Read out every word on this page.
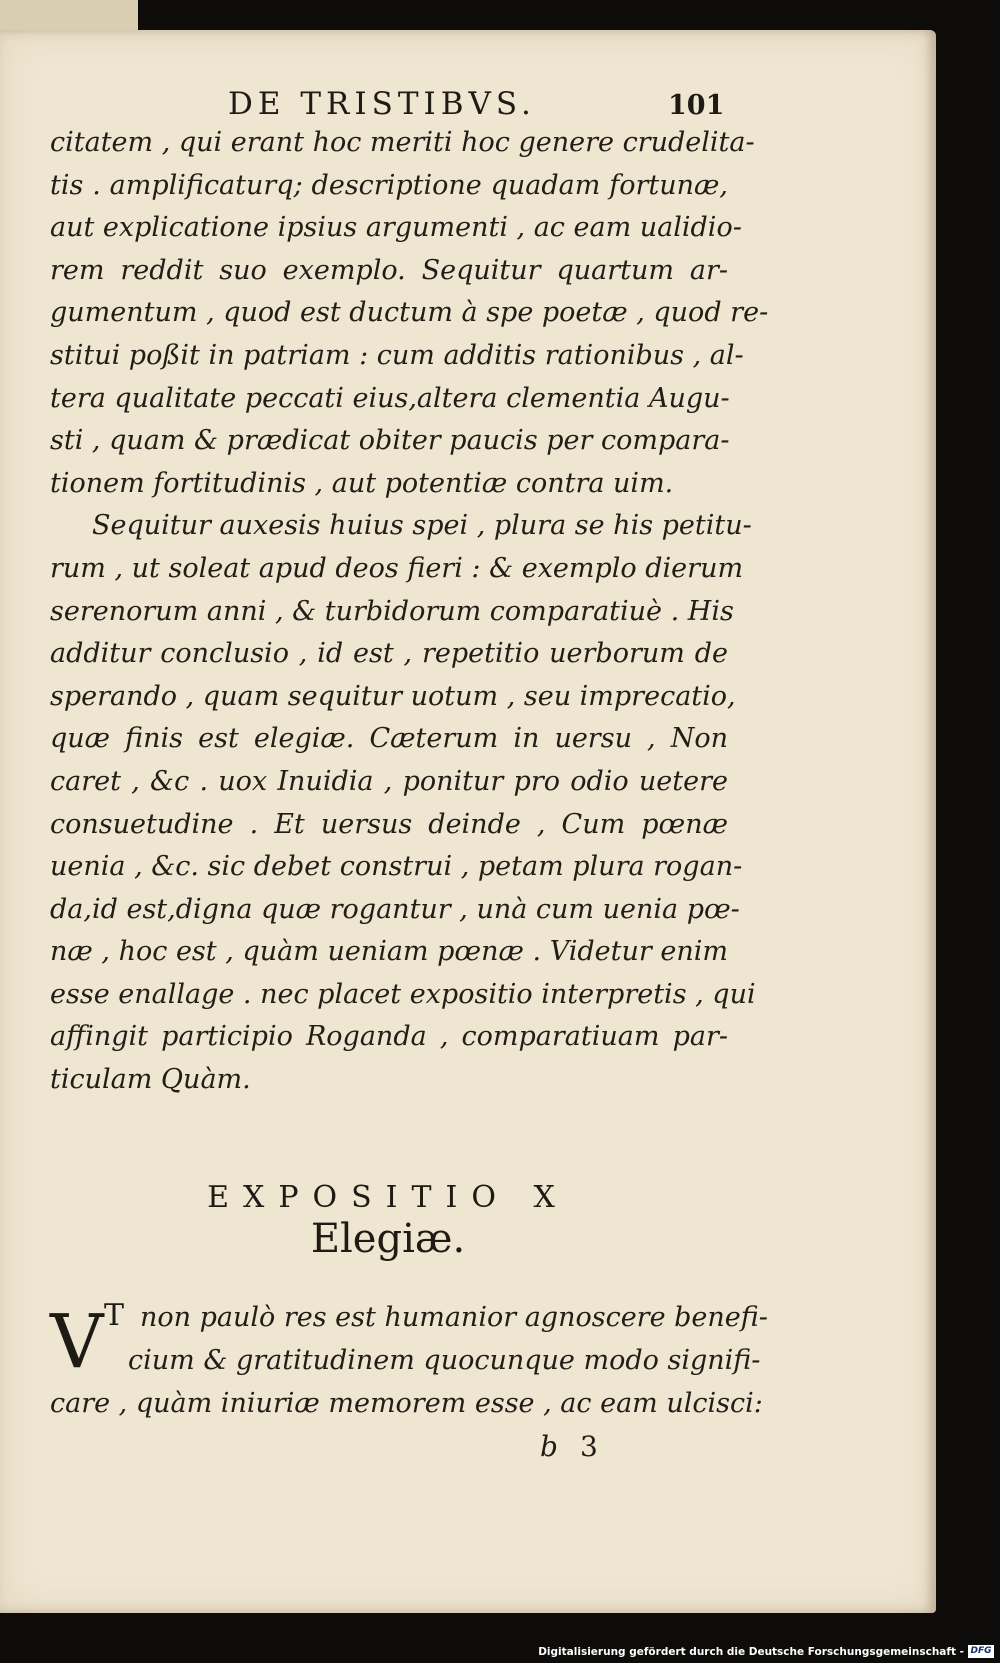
DE TRISTIBVS.	101
citatem , qui erant hoc meriti hoc genere crudelita-
tis . amplificaturq; descriptione quadam fortunæ,
aut explicatione ipsius argumenti , ac eam ualidio-
rem reddit suo exemplo. Sequitur quartum ar-
gumentum , quod est ductum à spe poetæ , quod re-
stitui poßit in patriam : cum additis rationibus , al-
tera qualitate peccati eius,altera clementia Augu-
sti , quam & prædicat obiter paucis per compara-
tionem fortitudinis , aut potentiæ contra uim.
Sequitur auxesis huius spei , plura se his petitu-
rum , ut soleat apud deos fieri : & exemplo dierum
serenorum anni , & turbidorum comparatiuè . His
additur conclusio , id est , repetitio uerborum de
sperando , quam sequitur uotum , seu imprecatio,
quæ finis est elegiæ. Cæterum in uersu , Non
caret , &c . uox Inuidia , ponitur pro odio uetere
consuetudine . Et uersus deinde , Cum pœnæ
uenia , &c. sic debet construi , petam plura rogan-
da,id est,digna quæ rogantur , unà cum uenia pœ-
næ , hoc est , quàm ueniam pœnæ . Videtur enim
esse enallage . nec placet expositio interpretis , qui
affingit participio Roganda , comparatiuam par-
ticulam Quàm.
EXPOSITIO X
Elegiæ.
V T non paulò res est humanior agnoscere benefi-
cium & gratitudinem quocunque modo signifi-
care , quàm iniuriæ memorem esse , ac eam ulcisci:
b3
Digitalisierung gefördert durch die Deutsche Forschungsgemeinschaft - DFG
